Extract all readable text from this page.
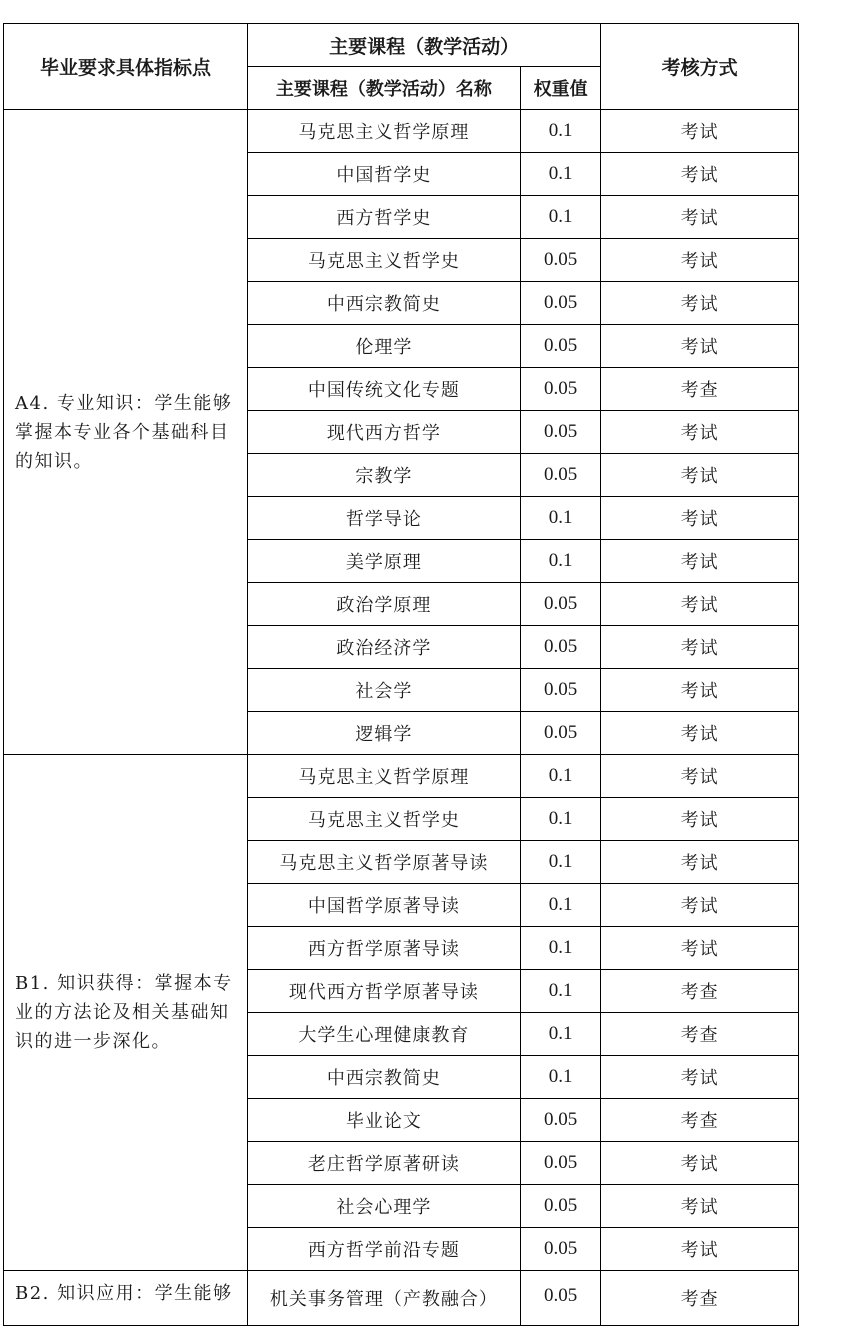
毕业要求具体指标点	主要课程（教学活动）		考核方式
	主要课程（教学活动）名称	权重值	
A4. 专业知识：学生能够掌握本专业各个基础科目的知识。	马克思主义哲学原理	0.1	考试
	中国哲学史	0.1	考试
	西方哲学史	0.1	考试
	马克思主义哲学史	0.05	考试
	中西宗教简史	0.05	考试
	伦理学	0.05	考试
	中国传统文化专题	0.05	考查
	现代西方哲学	0.05	考试
	宗教学	0.05	考试
	哲学导论	0.1	考试
	美学原理	0.1	考试
	政治学原理	0.05	考试
	政治经济学	0.05	考试
	社会学	0.05	考试
	逻辑学	0.05	考试
B1. 知识获得：掌握本专业的方法论及相关基础知识的进一步深化。	马克思主义哲学原理	0.1	考试
	马克思主义哲学史	0.1	考试
	马克思主义哲学原著导读	0.1	考试
	中国哲学原著导读	0.1	考试
	西方哲学原著导读	0.1	考试
	现代西方哲学原著导读	0.1	考查
	大学生心理健康教育	0.1	考查
	中西宗教简史	0.1	考试
	毕业论文	0.05	考查
	老庄哲学原著研读	0.05	考试
	社会心理学	0.05	考试
	西方哲学前沿专题	0.05	考试
B2. 知识应用：学生能够	机关事务管理（产教融合）	0.05	考查
